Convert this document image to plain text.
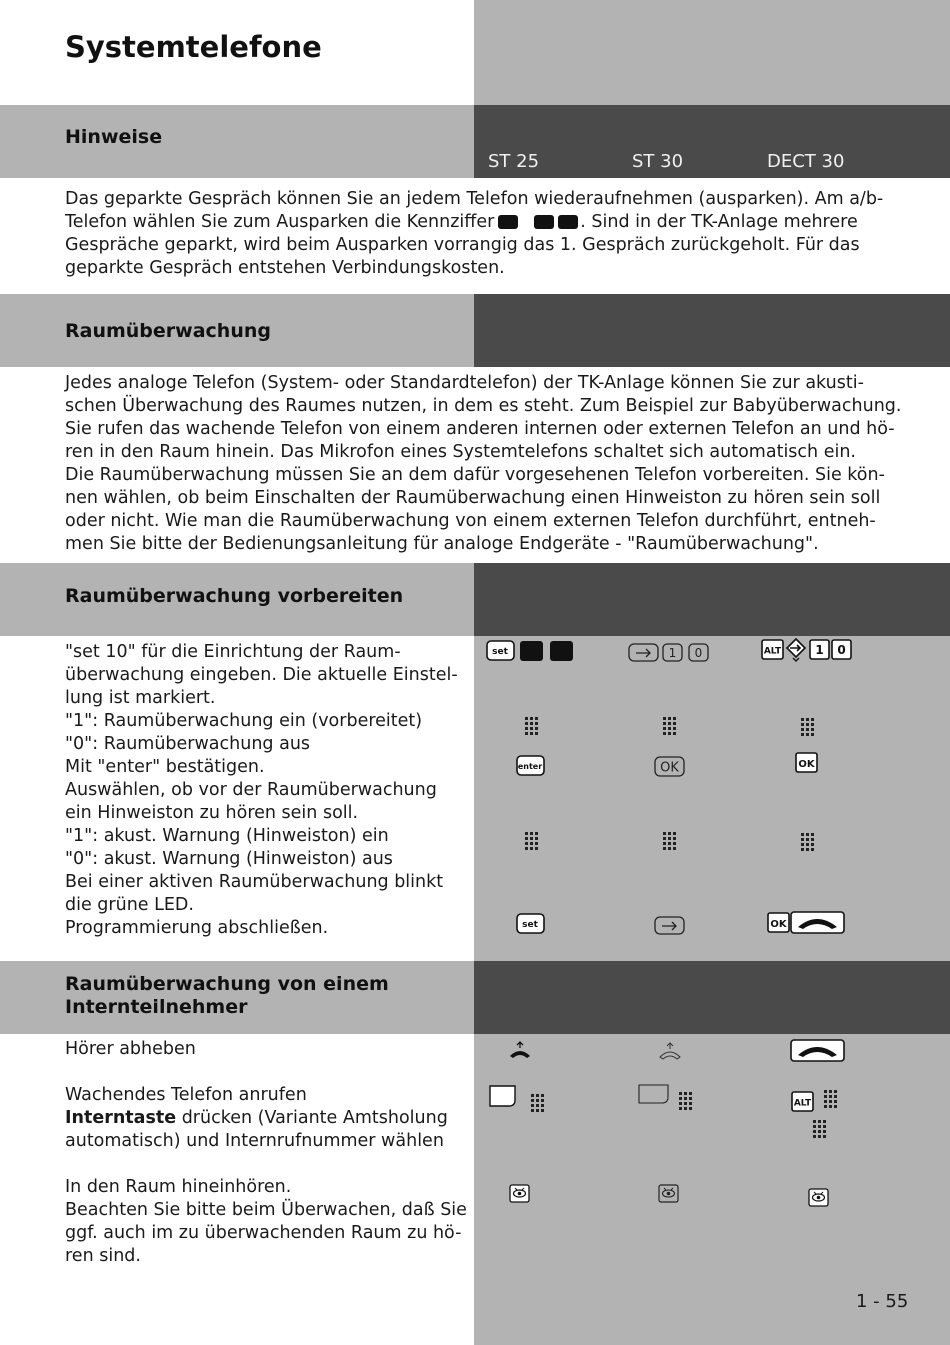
Systemtelefone
Hinweise
ST 25	ST 30	DECT 30
Das geparkte Gespräch können Sie an jedem Telefon wiederaufnehmen (ausparken). Am a/b-
Telefon wählen Sie zum Ausparken die Kennziffer	. Sind in der TK-Anlage mehrere
Gespräche geparkt, wird beim Ausparken vorrangig das 1. Gespräch zurückgeholt. Für das
geparkte Gespräch entstehen Verbindungskosten.
Raumüberwachung
Jedes analoge Telefon (System- oder Standardtelefon) der TK-Anlage können Sie zur akusti-
schen Überwachung des Raumes nutzen, in dem es steht. Zum Beispiel zur Babyüberwachung.
Sie rufen das wachende Telefon von einem anderen internen oder externen Telefon an und hö-
ren in den Raum hinein. Das Mikrofon eines Systemtelefons schaltet sich automatisch ein.
Die Raumüberwachung müssen Sie an dem dafür vorgesehenen Telefon vorbereiten. Sie kön-
nen wählen, ob beim Einschalten der Raumüberwachung einen Hinweiston zu hören sein soll
oder nicht. Wie man die Raumüberwachung von einem externen Telefon durchführt, entneh-
men Sie bitte der Bedienungsanleitung für analoge Endgeräte - "Raumüberwachung".
Raumüberwachung vorbereiten
"set 10" für die Einrichtung der Raum-
überwachung eingeben. Die aktuelle Einstel-
lung ist markiert.
"1": Raumüberwachung ein (vorbereitet)
"0": Raumüberwachung aus
Mit "enter" bestätigen.
Auswählen, ob vor der Raumüberwachung
ein Hinweiston zu hören sein soll.
"1": akust. Warnung (Hinweiston) ein
"0": akust. Warnung (Hinweiston) aus
Bei einer aktiven Raumüberwachung blinkt
die grüne LED.
Programmierung abschließen.
Raumüberwachung von einem
Internteilnehmer
Hörer abheben
Wachendes Telefon anrufen
Interntaste drücken (Variante Amtsholung
automatisch) und Internrufnummer wählen
In den Raum hineinhören.
Beachten Sie bitte beim Überwachen, daß Sie
ggf. auch im zu überwachenden Raum zu hö-
ren sind.
1 - 55
set	1 0	ALT	1 0
enter	OK	OK
set	OK
ALT
